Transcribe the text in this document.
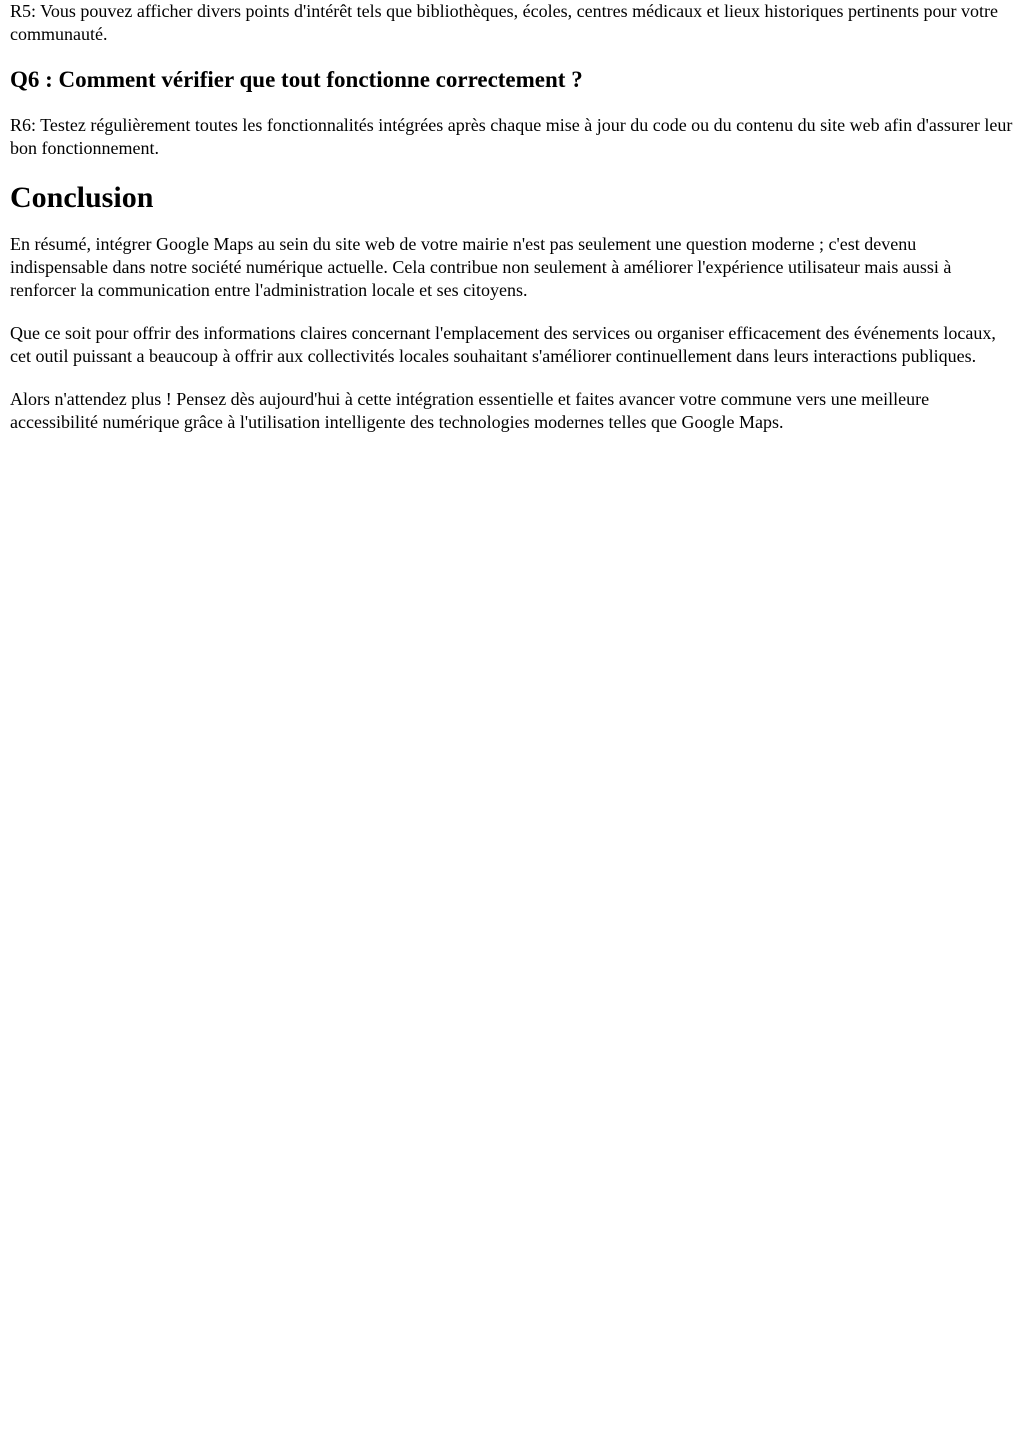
R5: Vous pouvez afficher divers points d'intérêt tels que bibliothèques, écoles, centres médicaux et lieux historiques pertinents pour votre communauté.

Q6 : Comment vérifier que tout fonctionne correctement ?

R6: Testez régulièrement toutes les fonctionnalités intégrées après chaque mise à jour du code ou du contenu du site web afin d'assurer leur bon fonctionnement.

Conclusion

En résumé, intégrer Google Maps au sein du site web de votre mairie n'est pas seulement une question moderne ; c'est devenu indispensable dans notre société numérique actuelle. Cela contribue non seulement à améliorer l'expérience utilisateur mais aussi à renforcer la communication entre l'administration locale et ses citoyens.

Que ce soit pour offrir des informations claires concernant l'emplacement des services ou organiser efficacement des événements locaux, cet outil puissant a beaucoup à offrir aux collectivités locales souhaitant s'améliorer continuellement dans leurs interactions publiques.

Alors n'attendez plus ! Pensez dès aujourd'hui à cette intégration essentielle et faites avancer votre commune vers une meilleure accessibilité numérique grâce à l'utilisation intelligente des technologies modernes telles que Google Maps.
